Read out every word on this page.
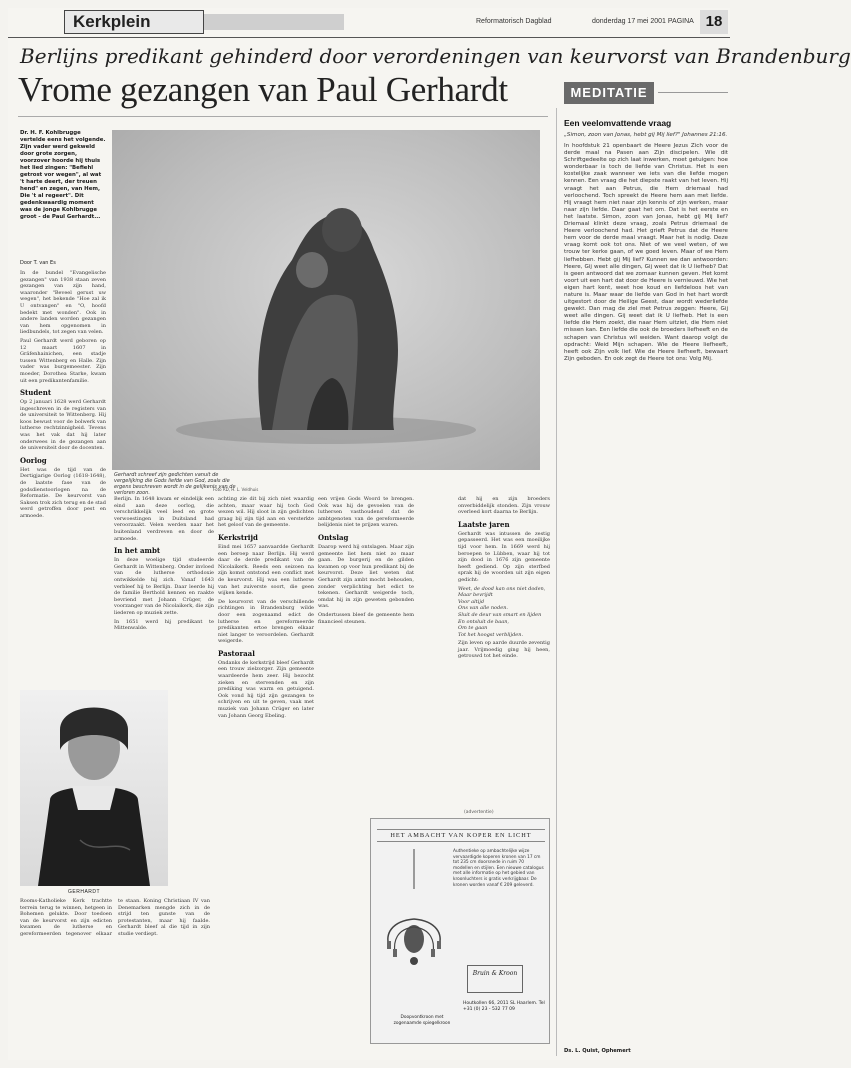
Kerkplein	Reformatorisch Dagblad	donderdag 17 mei 2001 PAGINA 18
Berlijns predikant gehinderd door verordeningen van keurvorst van Brandenburg
Vrome gezangen van Paul Gerhardt	MEDITATIE
Dr. H. F. Kohlbrugge vertelde eens het volgende. Zijn vader werd gekweld door grote zorgen, voorzover hoorde hij thuis het lied zingen: "Befiehl getrost vor wegen", al wat 't harte deert, der treuen hend" en zegen, van Hem, Die 't al regeert". Dit gedenkwaardig moment was de jonge Kohlbrugge groot - de Paul Gerhardt...
Door T. van Es

In de bundel "Evangelische gezangen" van 1938 staan zeven gezangen van zijn hand, waaronder "Beveel gerust uw wegen", het bekende "Hoe zal ik U ontvangen" en "O, hoofd bedekt met wonden". Ook in andere landen worden gezangen van hem opgenomen in liedbundels, tot zegen van velen.

Paul Gerhardt werd geboren op 12 maart 1607 in Gräfenhainichen, een stadje tussen Wittenberg en Halle. Zijn vader was burgemeester. Zijn moeder, Dorothea Starke, kwam uit een predikantenfamilie.

Student

Op 2 januari 1628 werd Gerhardt ingeschreven in de registers van de universiteit te Wittenberg. Hij koos bewust voor de bolwerk van lutherse rechtzinnigheid. Tevens was het vak dat hij later onderwees in de gezangen aan de universiteit door de docenten.

Oorlog

Het was de tijd van de Dertigjarige Oorlog (1618-1648), de laatste fase van de godsdienstoorlogen na de Reformatie. De keurvorst van Saksen trok zich terug en de stad werd getroffen door pest en armoede.

Gerhardt schreef zijn gedichten vanuit de vergelijking die Gods liefde van God, zoals die ergens beschreven wordt in de gelijkenis van de verloren zoon.
Foto RD, H. L. Veldhuis

Berlijn. In 1648 kwam er eindelijk een eind aan deze oorlog, die verschrikkelijk veel leed en grote verwoestingen in Duitsland had veroorzaakt. Velen werden naar het buitenland verdreven en door de armoede.

In het ambt

In deze woelige tijd studeerde Gerhardt in Wittenberg. Onder invloed van de lutherse orthodoxie ontwikkelde hij zich. Vanaf 1643 verbleef hij te Berlijn. Daar leerde hij de familie Berthold kennen en raakte bevriend met Johann Crüger, de voorzanger van de Nicolaikerk, die zijn liederen op muziek zette.

In 1651 werd hij predikant te Mittenwalde.

achting zie dit bij zich niet waardig achten, maar waar hij toch God wezen wil. Hij sloot in zijn gedichten graag bij zijn tijd aan en versterkte het geloof van de gemeente.

Kerkstrijd

Eind mei 1657 aanvaardde Gerhardt een beroep naar Berlijn. Hij werd daar de derde predikant van de Nicolaikerk. Reeds een seizoen na zijn komst ontstond een conflict met de keurvorst. Hij was een lutherse van het zuiverste soort, die geen wijken kende.

De keurvorst van de verschillende richtingen in Brandenburg wilde door een zogenaamd edict de lutherse en gereformeerde predikanten ertoe brengen elkaar niet langer te veroordelen. Gerhardt weigerde.

Pastoraal

Ondanks de kerkstrijd bleef Gerhardt een trouw zielzorger. Zijn gemeente waardeerde hem zeer. Hij bezocht zieken en stervenden en zijn prediking was warm en getuigend. Ook vond hij tijd zijn gezangen te schrijven en uit te geven, vaak met muziek van Johann Crüger en later van Johann Georg Ebeling.

een vrijen Gods Woord te brengen. Ook was hij de gevoelen van de luthersen vasthoudend dat de ambtgenoten van de gereformeerde belijdenis niet te prijzen waren.

Ontslag

Daarop werd hij ontslagen. Maar zijn gemeente liet hem niet zo maar gaan. De burgerij en de gilden kwamen op voor hun predikant bij de keurvorst. Deze liet weten dat Gerhardt zijn ambt mocht behouden, zonder verplichting het edict te tekenen. Gerhardt weigerde toch, omdat hij in zijn geweten gebonden was.

Ondertussen bleef de gemeente hem financieel steunen.

dat hij en zijn broeders onverbiddelijk stonden. Zijn vrouw overleed kort daarna te Berlijn.

Laatste jaren

Gerhardt was intussen de zestig gepasseerd. Het was een moeilijke tijd voor hem. In 1669 werd hij beroepen te Lübben, waar hij tot zijn dood in 1676 zijn gemeente heeft gediend. Op zijn sterfbed sprak hij de woorden uit zijn eigen gedicht:

Weet, de dood kan ons niet doden,
Maar bevrijdt
Voor altijd
Ons van alle noden.
Sluit de deur van smart en lijden
En ontsluit de baan,
Om te gaan
Tot het hoogst verblijden.

Zijn leven op aarde duurde zeventig jaar. Vrijmoedig ging hij heen, getrouwd tot het einde.

GERHARDT

Rooms-Katholieke Kerk trachtte terrein terug te winnen, hetgeen in Bohemen gelukte. Door toedoen van de keurvorst en zijn edicten kwamen de lutherse en gereformeerden tegenover elkaar te staan. Koning Christiaan IV van Denemarken mengde zich in de strijd ten gunste van de protestanten, maar hij faalde. Gerhardt bleef al die tijd in zijn studie verdiept.

(advertentie)
HET AMBACHT VAN KOPER EN LICHT
Authentieke op ambachtelijke wijze vervaardigde koperen kronen van 17 cm tot 235 cm doorsnede in ruim 70 modellen en stijlen. Een nieuwe catalogus met alle informatie op het gebied van kroonluchters is gratis verkrijgbaar. De kronen worden vanaf € 209 geleverd.
Bruin & Kroon
Houtkollen 66, 2011 SL Haarlem. Tel +31 (0) 23 - 532 77 09
Doopvontkroon met zogenaamde spiegelkroon
Een veelomvattende vraag
„Simon, zoon van Jonas, hebt gij Mij lief?" Johannes 21:16.
In hoofdstuk 21 openbaart de Heere Jezus Zich voor de derde maal na Pasen aan Zijn discipelen. Wie dit Schriftgedeelte op zich laat inwerken, moet getuigen: hoe wonderbaar is toch de liefde van Christus. Het is een kostelijke zaak wanneer we iets van die liefde mogen kennen. Een vraag die het diepste raakt van het leven. Hij vraagt het aan Petrus, die Hem driemaal had verloochend. Toch spreekt de Heere hem aan met liefde. Hij vraagt hem niet naar zijn kennis of zijn werken, maar naar zijn liefde. Daar gaat het om. Dat is het eerste en het laatste. Simon, zoon van Jonas, hebt gij Mij lief? Driemaal klinkt deze vraag, zoals Petrus driemaal de Heere verloochend had. Het grieft Petrus dat de Heere hem voor de derde maal vraagt. Maar het is nodig. Deze vraag komt ook tot ons. Niet of we veel weten, of we trouw ter kerke gaan, of we goed leven. Maar of we Hem liefhebben. Hebt gij Mij lief? Kunnen we dan antwoorden: Heere, Gij weet alle dingen, Gij weet dat ik U liefheb? Dat is geen antwoord dat we zomaar kunnen geven. Het komt voort uit een hart dat door de Heere is vernieuwd. Wie het eigen hart kent, weet hoe koud en liefdeloos het van nature is. Maar waar de liefde van God in het hart wordt uitgestort door de Heilige Geest, daar wordt wederliefde gewekt. Dan mag de ziel met Petrus zeggen: Heere, Gij weet alle dingen. Gij weet dat ik U liefheb. Het is een liefde die Hem zoekt, die naar Hem uitziet, die Hem niet missen kan. Een liefde die ook de broeders liefheeft en de schapen van Christus wil weiden. Want daarop volgt de opdracht: Weid Mijn schapen. Wie de Heere liefheeft, heeft ook Zijn volk lief. Wie de Heere liefheeft, bewaart Zijn geboden. En ook zegt de Heere tot ons: Volg Mij.
Ds. L. Quist, Ophemert
